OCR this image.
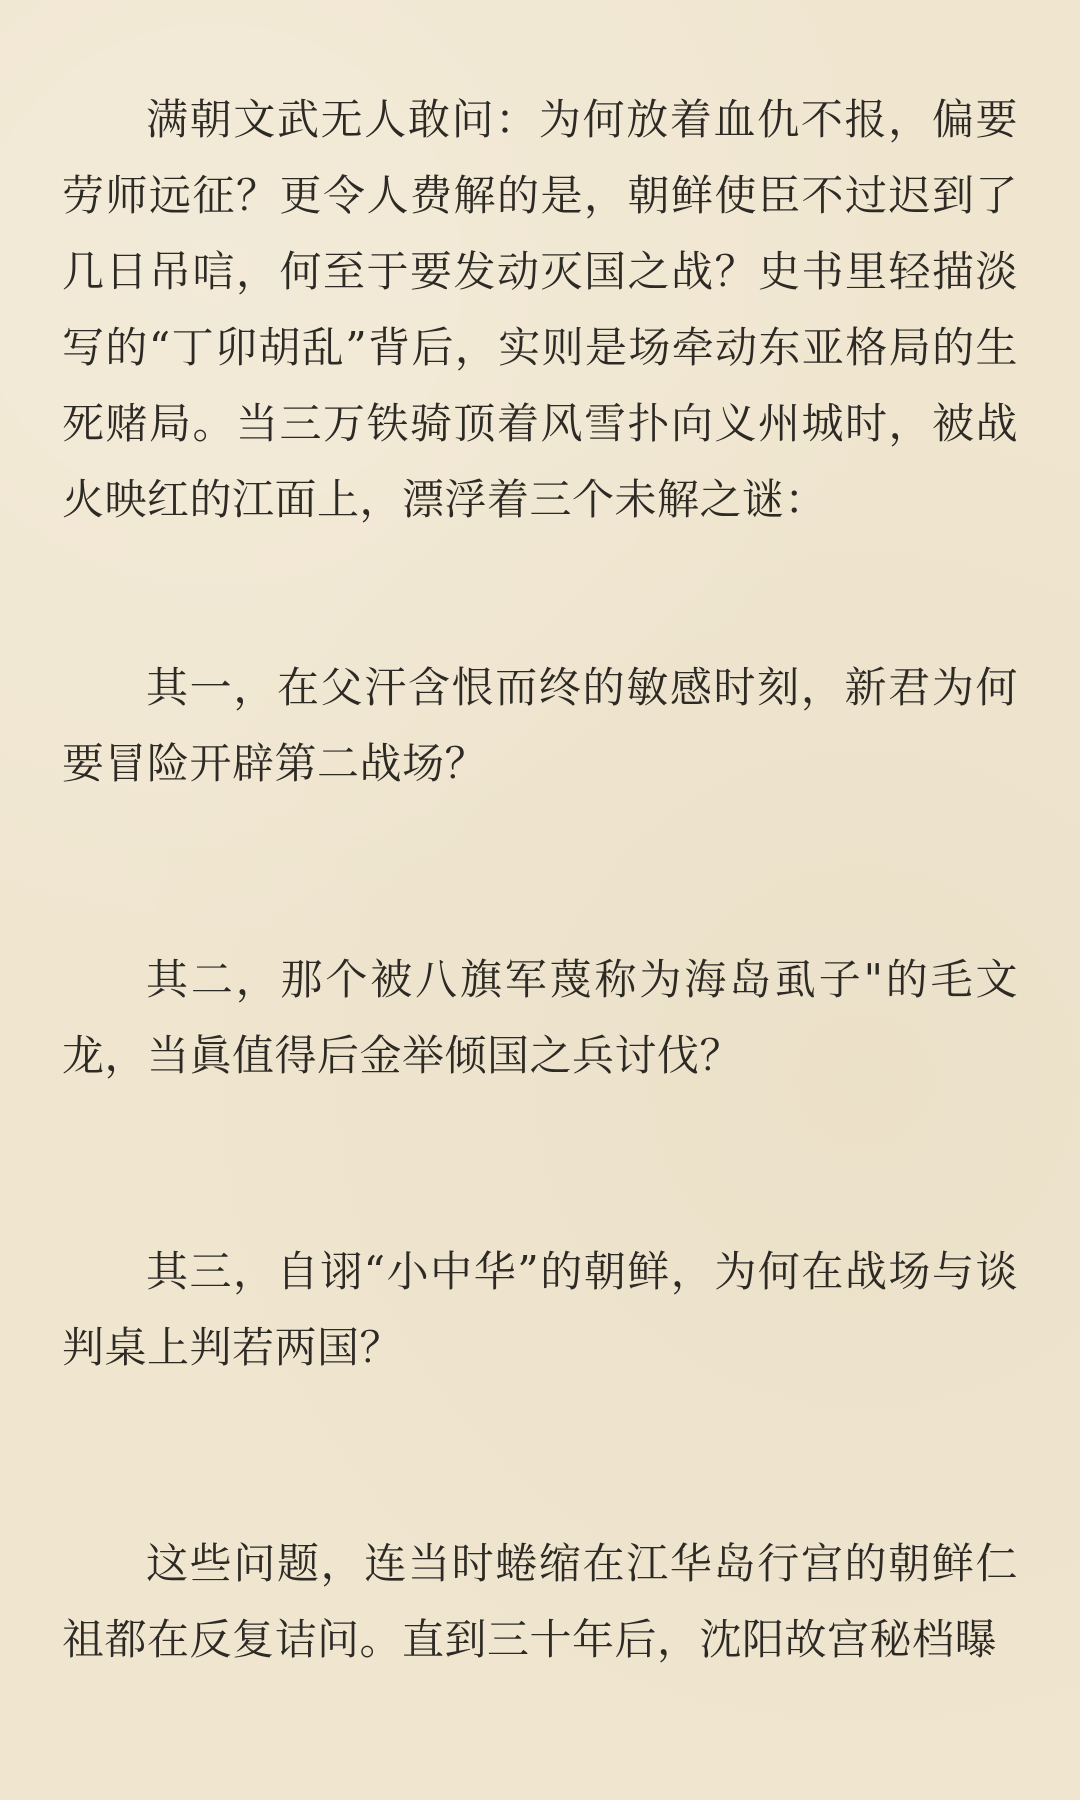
满朝文武无人敢问：为何放着血仇不报，偏要劳师远征？更令人费解的是，朝鲜使臣不过迟到了几日吊唁，何至于要发动灭国之战？史书里轻描淡写的“丁卯胡乱”背后，实则是场牵动东亚格局的生死赌局。当三万铁骑顶着风雪扑向义州城时，被战火映红的江面上，漂浮着三个未解之谜：

其一，在父汗含恨而终的敏感时刻，新君为何要冒险开辟第二战场？

其二，那个被八旗军蔑称为海岛虱子"的毛文龙，当眞值得后金举倾国之兵讨伐？

其三，自诩“小中华”的朝鲜，为何在战场与谈判桌上判若两国？

这些问题，连当时蜷缩在江华岛行宫的朝鲜仁祖都在反复诘问。直到三十年后，沈阳故宫秘档曝
